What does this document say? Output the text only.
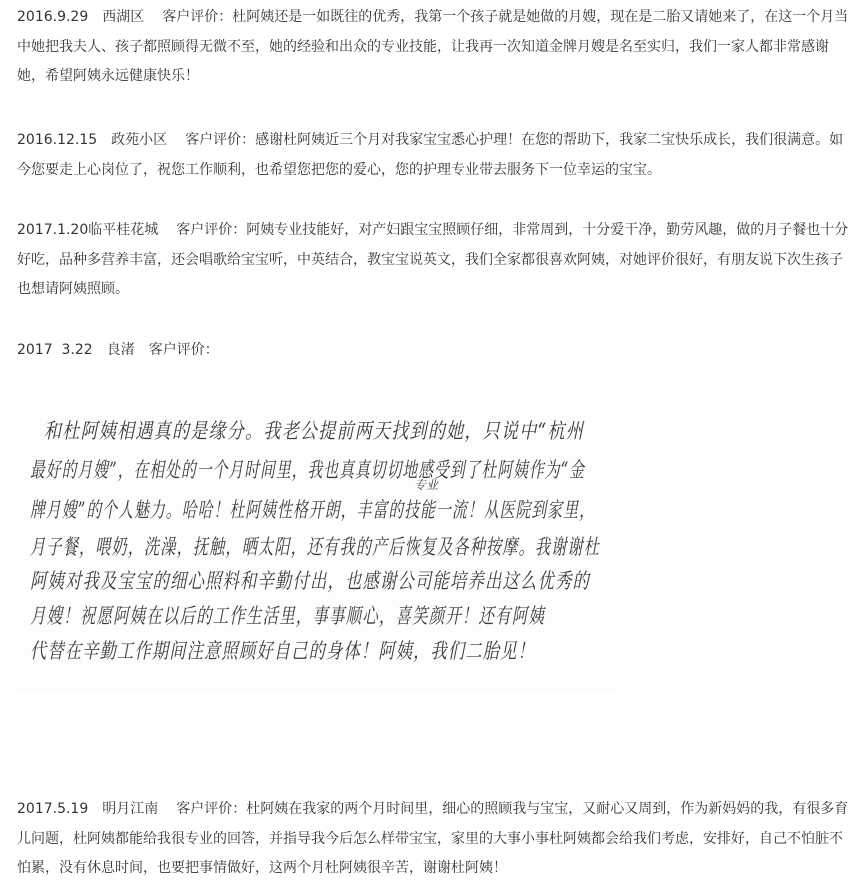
2016.9.29 西湖区 客户评价：杜阿姨还是一如既往的优秀，我第一个孩子就是她做的月嫂，现在是二胎又请她来了，在这一个月当中她把我夫人、孩子都照顾得无微不至，她的经验和出众的专业技能，让我再一次知道金牌月嫂是名至实归，我们一家人都非常感谢她，希望阿姨永远健康快乐！
2016.12.15 政苑小区 客户评价：感谢杜阿姨近三个月对我家宝宝悉心护理！在您的帮助下，我家二宝快乐成长，我们很满意。如今您要走上心岗位了，祝您工作顺利，也希望您把您的爱心，您的护理专业带去服务下一位幸运的宝宝。
2017.1.20临平桂花城 客户评价：阿姨专业技能好，对产妇跟宝宝照顾仔细，非常周到，十分爱干净，勤劳风趣，做的月子餐也十分好吃，品种多营养丰富，还会唱歌给宝宝听，中英结合，教宝宝说英文，我们全家都很喜欢阿姨，对她评价很好，有朋友说下次生孩子也想请阿姨照顾。
2017  3.22 良渚 客户评价：
和杜阿姨相遇真的是缘分。我老公提前两天找到的她，只说中“杭州
最好的月嫂”，在相处的一个月时间里，我也真真切切地感受到了杜阿姨作为“金
专业
牌月嫂”的个人魅力。哈哈！杜阿姨性格开朗，丰富的技能一流！从医院到家里，
月子餐，喂奶，洗澡，抚触，晒太阳，还有我的产后恢复及各种按摩。我谢谢杜
阿姨对我及宝宝的细心照料和辛勤付出，也感谢公司能培养出这么优秀的
月嫂！祝愿阿姨在以后的工作生活里，事事顺心，喜笑颜开！还有阿姨
代替在辛勤工作期间注意照顾好自己的身体！阿姨，我们二胎见！
2017.5.19 明月江南 客户评价：杜阿姨在我家的两个月时间里，细心的照顾我与宝宝，又耐心又周到，作为新妈妈的我，有很多育儿问题，杜阿姨都能给我很专业的回答，并指导我今后怎么样带宝宝，家里的大事小事杜阿姨都会给我们考虑，安排好，自己不怕脏不怕累，没有休息时间，也要把事情做好，这两个月杜阿姨很辛苦，谢谢杜阿姨！
